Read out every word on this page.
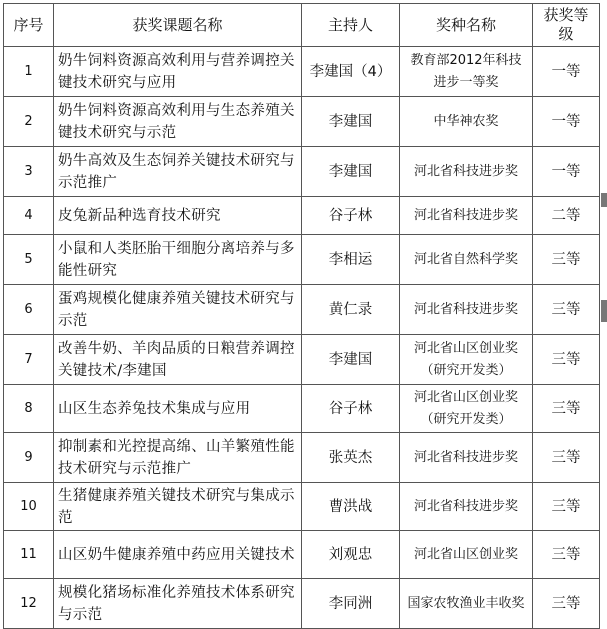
序号	获奖课题名称	主持人	奖种名称	获奖等级
1	奶牛饲料资源高效利用与营养调控关键技术研究与应用	李建国（4）	教育部2012年科技进步一等奖	一等
2	奶牛饲料资源高效利用与生态养殖关键技术研究与示范	李建国	中华神农奖	一等
3	奶牛高效及生态饲养关键技术研究与示范推广	李建国	河北省科技进步奖	一等
4	皮兔新品种选育技术研究	谷子林	河北省科技进步奖	二等
5	小鼠和人类胚胎干细胞分离培养与多能性研究	李相运	河北省自然科学奖	三等
6	蛋鸡规模化健康养殖关键技术研究与示范	黄仁录	河北省科技进步奖	三等
7	改善牛奶、羊肉品质的日粮营养调控关键技术/李建国	李建国	河北省山区创业奖（研究开发类）	三等
8	山区生态养兔技术集成与应用	谷子林	河北省山区创业奖（研究开发类）	三等
9	抑制素和光控提高绵、山羊繁殖性能技术研究与示范推广	张英杰	河北省科技进步奖	三等
10	生猪健康养殖关键技术研究与集成示范	曹洪战	河北省科技进步奖	三等
11	山区奶牛健康养殖中药应用关键技术	刘观忠	河北省山区创业奖	三等
12	规模化猪场标准化养殖技术体系研究与示范	李同洲	国家农牧渔业丰收奖	三等
